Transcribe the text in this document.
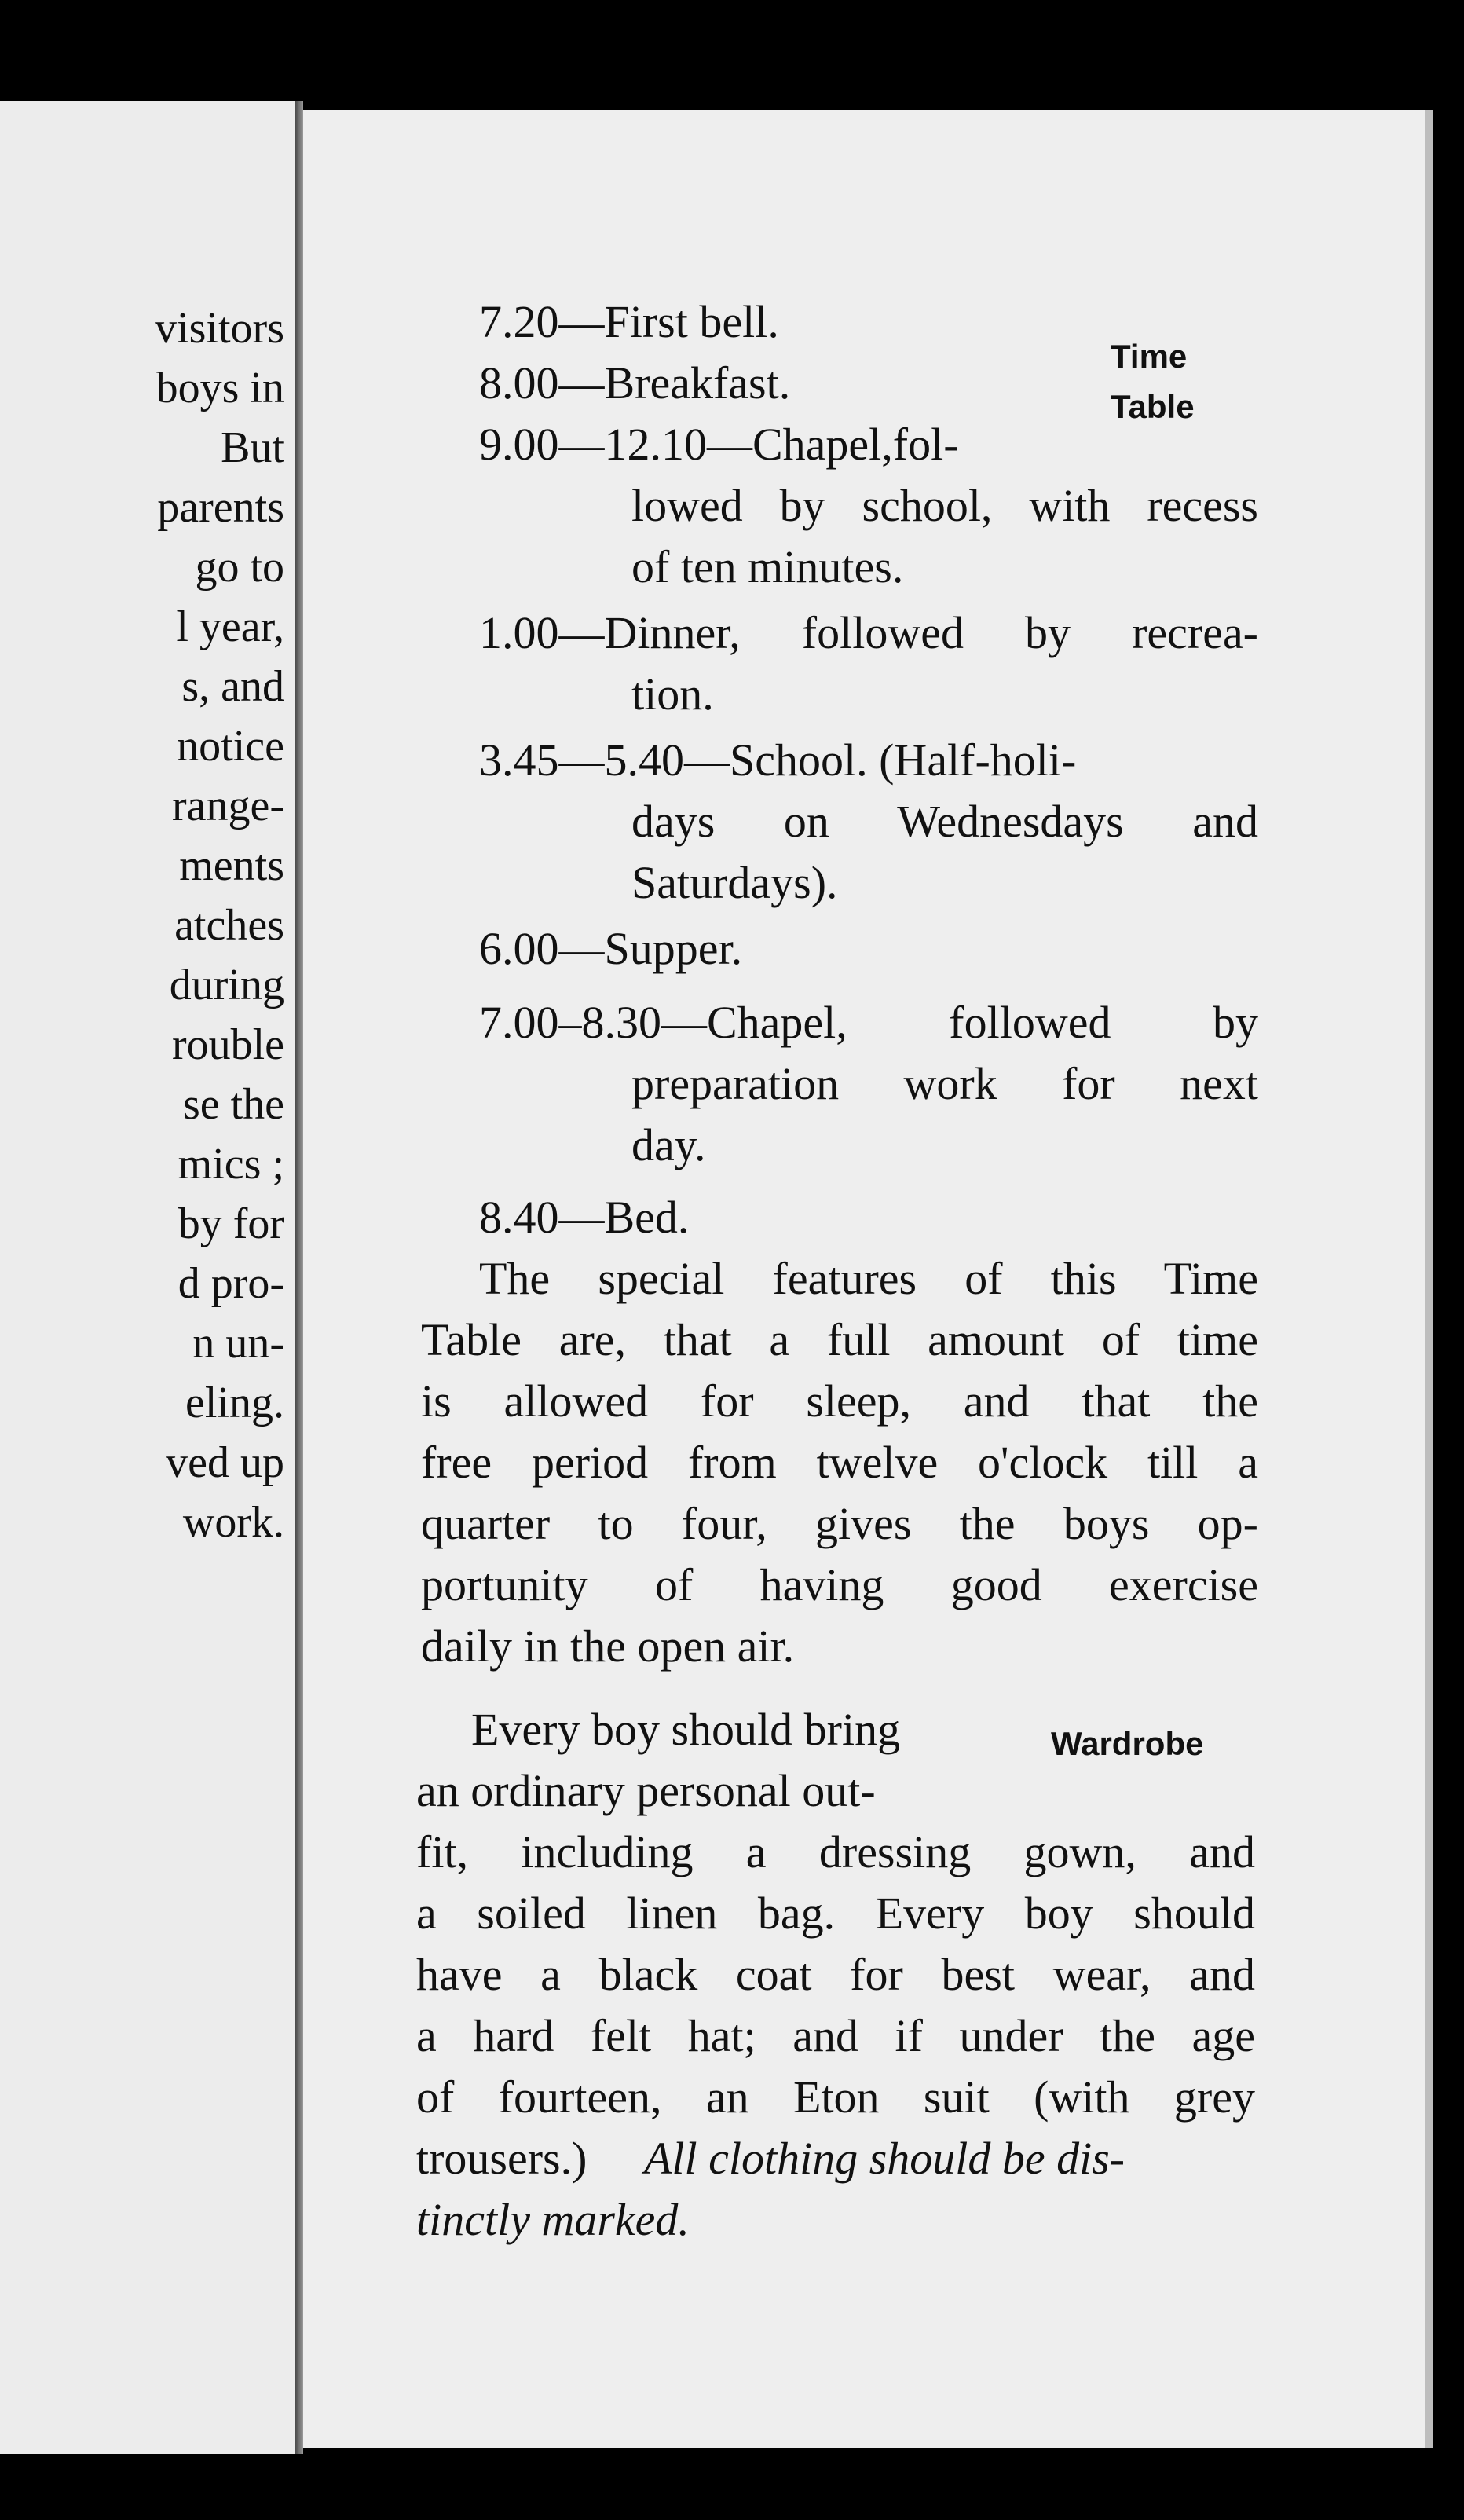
visitors
boys in
But
parents
go to
l year,
s, and
notice
range-
ments
atches
during
rouble
se the
mics ;
by for
d pro-
n un-
eling.
ved up
work.
Time
Table
7.20—First bell.
8.00—Breakfast.
9.00—12.10—Chapel,fol-
lowed by school, with recess
of ten minutes.
1.00—Dinner, followed by recrea-
tion.
3.45—5.40—School. (Half-holi-
days on Wednesdays and
Saturdays).
6.00—Supper.
7.00–8.30—Chapel, followed by
preparation work for next
day.
8.40—Bed.
The special features of this Time
Table are, that a full amount of time
is allowed for sleep, and that the
free period from twelve o'clock till a
quarter to four, gives the boys op-
portunity of having good exercise
daily in the open air.
Wardrobe
Every boy should bring
an ordinary personal out-
fit, including a dressing gown, and
a soiled linen bag. Every boy should
have a black coat for best wear, and
a hard felt hat; and if under the age
of fourteen, an Eton suit (with grey
trousers.) All clothing should be dis-
tinctly marked.
